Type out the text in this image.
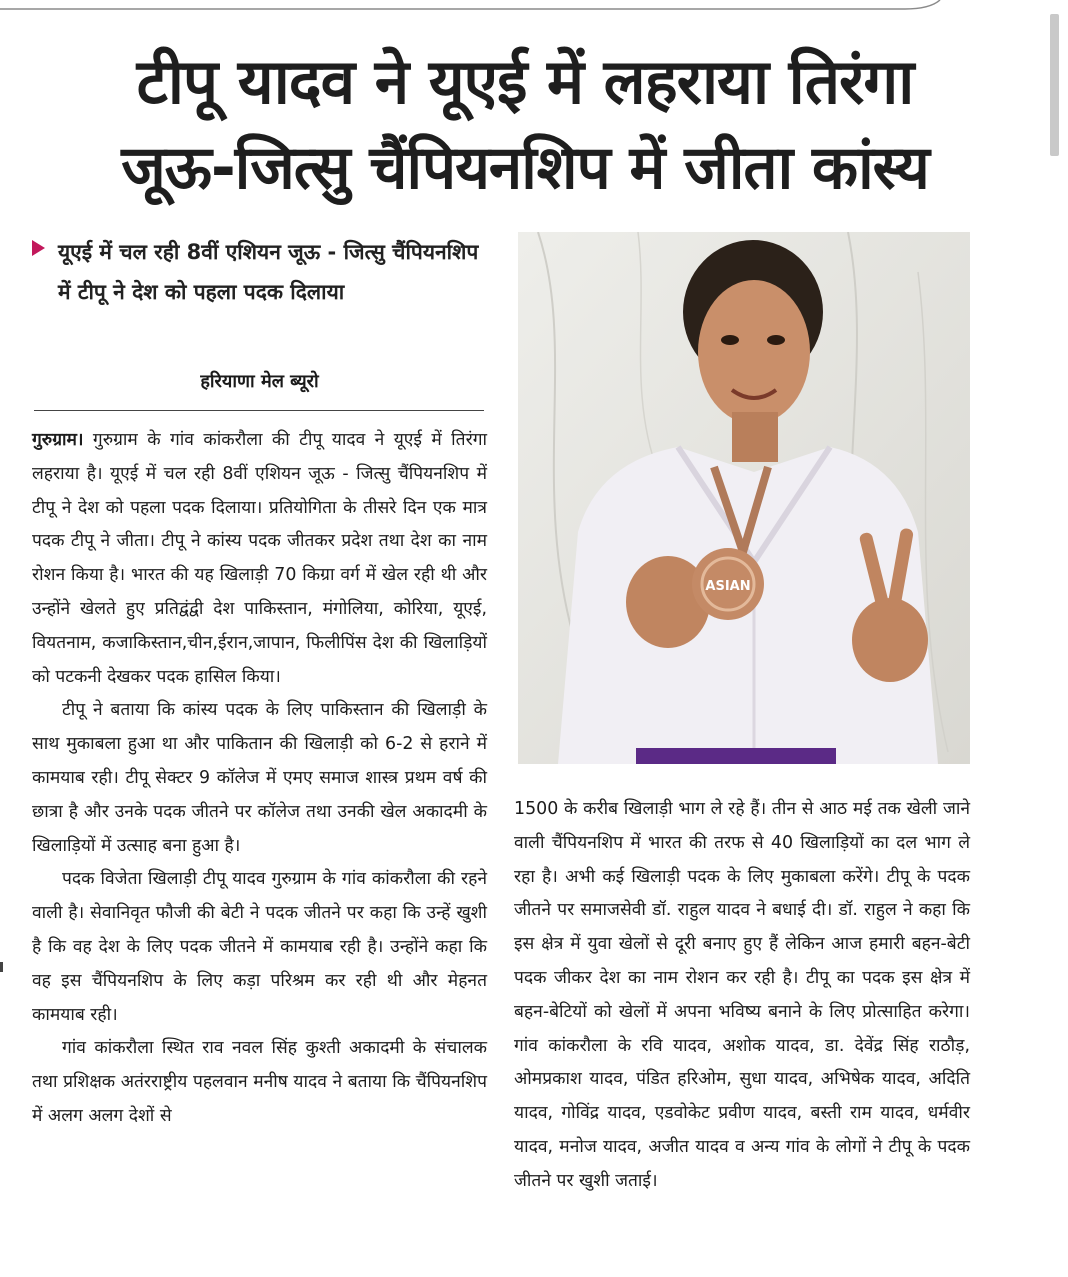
टीपू यादव ने यूएई में लहराया तिरंगा
जूऊ-जित्सु चैंपियनशिप में जीता कांस्य
यूएई में चल रही 8वीं एशियन जूऊ - जित्सु चैंपियनशिप में टीपू ने देश को पहला पदक दिलाया
हरियाणा मेल ब्यूरो

गुरुग्राम। गुरुग्राम के गांव कांकरौला की टीपू यादव ने यूएई में तिरंगा लहराया है। यूएई में चल रही 8वीं एशियन जूऊ - जित्सु चैंपियनशिप में टीपू ने देश को पहला पदक दिलाया। प्रतियोगिता के तीसरे दिन एक मात्र पदक टीपू ने जीता। टीपू ने कांस्य पदक जीतकर प्रदेश तथा देश का नाम रोशन किया है। भारत की यह खिलाड़ी 70 किग्रा वर्ग में खेल रही थी और उन्होंने खेलते हुए प्रतिद्वंद्वी देश पाकिस्तान, मंगोलिया, कोरिया, यूएई, वियतनाम, कजाकिस्तान,चीन,ईरान,जापान, फिलीपिंस देश की खिलाड़ियों को पटकनी देखकर पदक हासिल किया।

टीपू ने बताया कि कांस्य पदक के लिए पाकिस्तान की खिलाड़ी के साथ मुकाबला हुआ था और पाकितान की खिलाड़ी को 6-2 से हराने में कामयाब रही। टीपू सेक्टर 9 कॉलेज में एमए समाज शास्त्र प्रथम वर्ष की छात्रा है और उनके पदक जीतने पर कॉलेज तथा उनकी खेल अकादमी के खिलाड़ियों में उत्साह बना हुआ है।

पदक विजेता खिलाड़ी टीपू यादव गुरुग्राम के गांव कांकरौला की रहने वाली है। सेवानिवृत फौजी की बेटी ने पदक जीतने पर कहा कि उन्हें खुशी है कि वह देश के लिए पदक जीतने में कामयाब रही है। उन्होंने कहा कि वह इस चैंपियनशिप के लिए कड़ा परिश्रम कर रही थी और मेहनत कामयाब रही।

गांव कांकरौला स्थित राव नवल सिंह कुश्ती अकादमी के संचालक तथा प्रशिक्षक अतंरराष्ट्रीय पहलवान मनीष यादव ने बताया कि चैंपियनशिप में अलग अलग देशों से

ASIAN

1500 के करीब खिलाड़ी भाग ले रहे हैं। तीन से आठ मई तक खेली जाने वाली चैंपियनशिप में भारत की तरफ से 40 खिलाड़ियों का दल भाग ले रहा है। अभी कई खिलाड़ी पदक के लिए मुकाबला करेंगे। टीपू के पदक जीतने पर समाजसेवी डॉ. राहुल यादव ने बधाई दी। डॉ. राहुल ने कहा कि इस क्षेत्र में युवा खेलों से दूरी बनाए हुए हैं लेकिन आज हमारी बहन-बेटी पदक जीकर देश का नाम रोशन कर रही है। टीपू का पदक इस क्षेत्र में बहन-बेटियों को खेलों में अपना भविष्य बनाने के लिए प्रोत्साहित करेगा। गांव कांकरौला के रवि यादव, अशोक यादव, डा. देवेंद्र सिंह राठौड़, ओमप्रकाश यादव, पंडित हरिओम, सुधा यादव, अभिषेक यादव, अदिति यादव, गोविंद्र यादव, एडवोकेट प्रवीण यादव, बस्ती राम यादव, धर्मवीर यादव, मनोज यादव, अजीत यादव व अन्य गांव के लोगों ने टीपू के पदक जीतने पर खुशी जताई।
